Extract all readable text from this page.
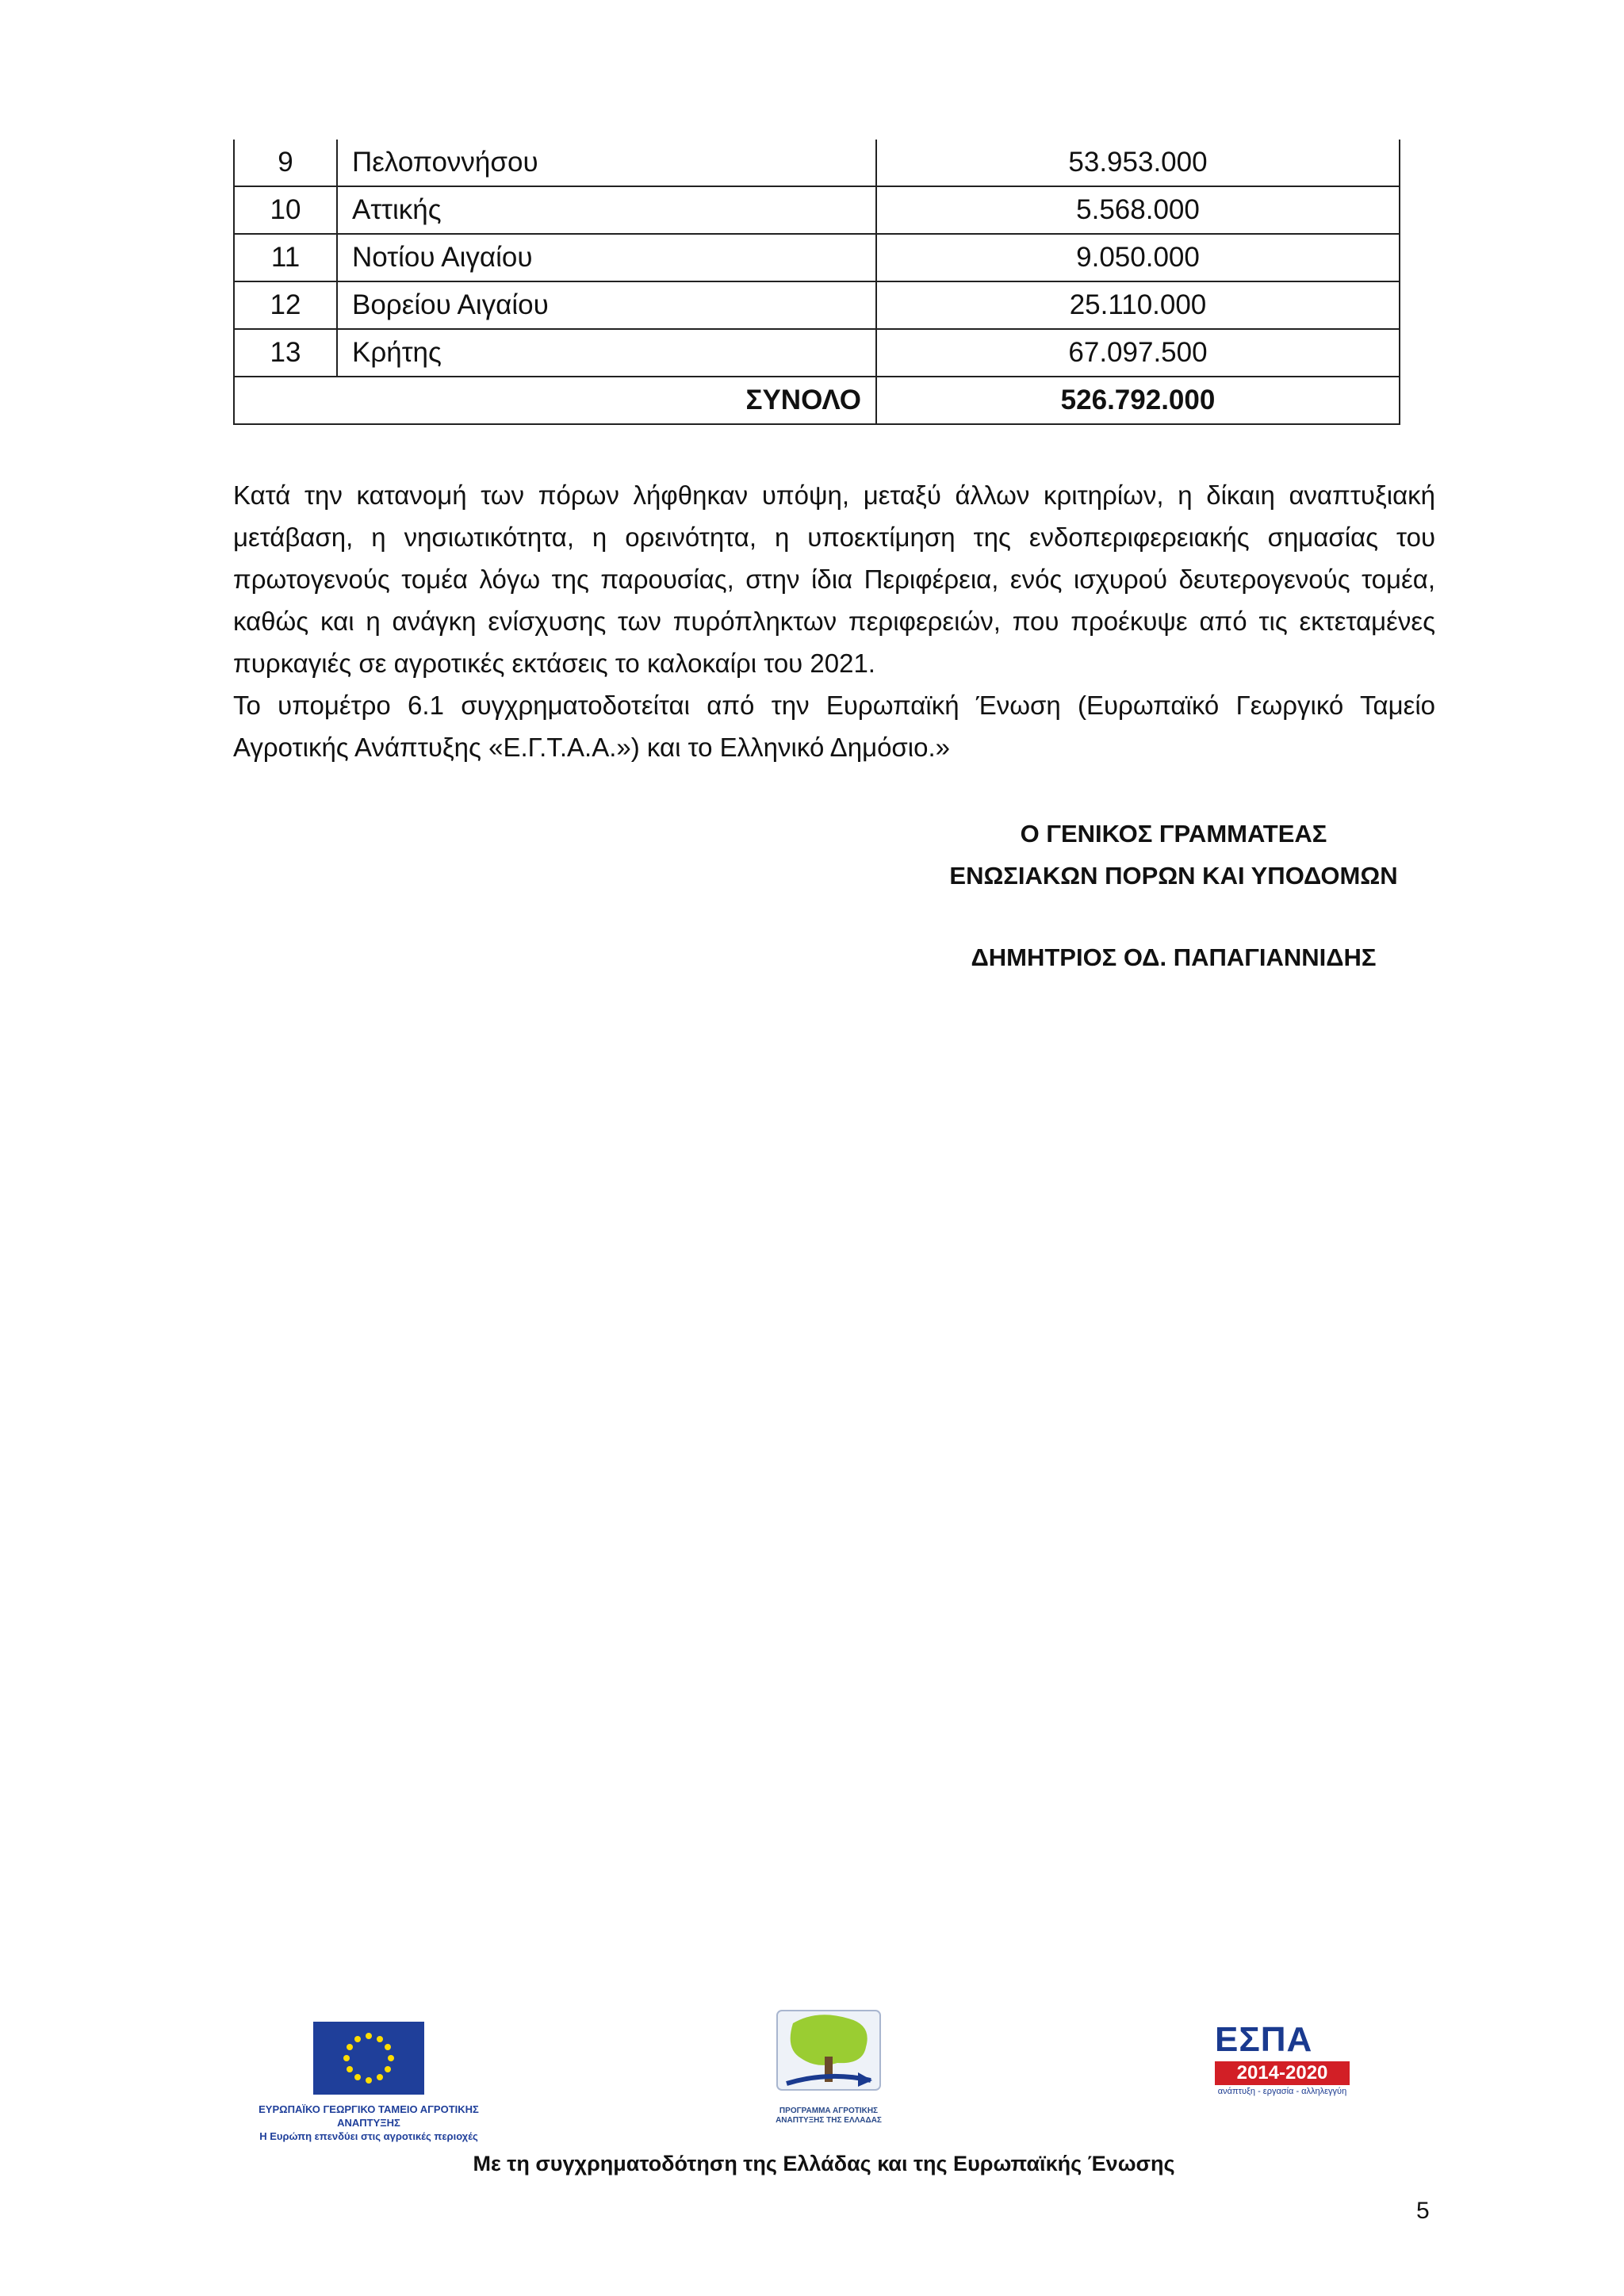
9	Πελοποννήσου	53.953.000
10	Αττικής	5.568.000
11	Νοτίου Αιγαίου	9.050.000
12	Βορείου Αιγαίου	25.110.000
13	Κρήτης	67.097.500
ΣΥΝΟΛΟ		526.792.000

Κατά την κατανομή των πόρων λήφθηκαν υπόψη, μεταξύ άλλων κριτηρίων, η δίκαιη αναπτυξιακή μετάβαση, η νησιωτικότητα, η ορεινότητα, η υποεκτίμηση της ενδοπεριφερειακής σημασίας του πρωτογενούς τομέα λόγω της παρουσίας, στην ίδια Περιφέρεια, ενός ισχυρού δευτερογενούς τομέα, καθώς και η ανάγκη ενίσχυσης των πυρόπληκτων περιφερειών, που προέκυψε από τις εκτεταμένες πυρκαγιές σε αγροτικές εκτάσεις το καλοκαίρι του 2021.

Το υπομέτρο 6.1 συγχρηματοδοτείται από την Ευρωπαϊκή Ένωση (Ευρωπαϊκό Γεωργικό Ταμείο Αγροτικής Ανάπτυξης «Ε.Γ.Τ.Α.Α.») και το Ελληνικό Δημόσιο.»

Ο ΓΕΝΙΚΟΣ ΓΡΑΜΜΑΤΕΑΣ
ΕΝΩΣΙΑΚΩΝ ΠΟΡΩΝ ΚΑΙ ΥΠΟΔΟΜΩΝ
ΔΗΜΗΤΡΙΟΣ ΟΔ. ΠΑΠΑΓΙΑΝΝΙΔΗΣ
ΕΥΡΩΠΑΪΚΟ ΓΕΩΡΓΙΚΟ ΤΑΜΕΙΟ ΑΓΡΟΤΙΚΗΣ ΑΝΑΠΤΥΞΗΣ
Η Ευρώπη επενδύει στις αγροτικές περιοχές
ΠΡΟΓΡΑΜΜΑ ΑΓΡΟΤΙΚΗΣ ΑΝΑΠΤΥΞΗΣ ΤΗΣ ΕΛΛΑΔΑΣ
ΕΣΠΑ
2014-2020
ανάπτυξη - εργασία - αλληλεγγύη
Με τη συγχρηματοδότηση της Ελλάδας και της Ευρωπαϊκής Ένωσης
5
